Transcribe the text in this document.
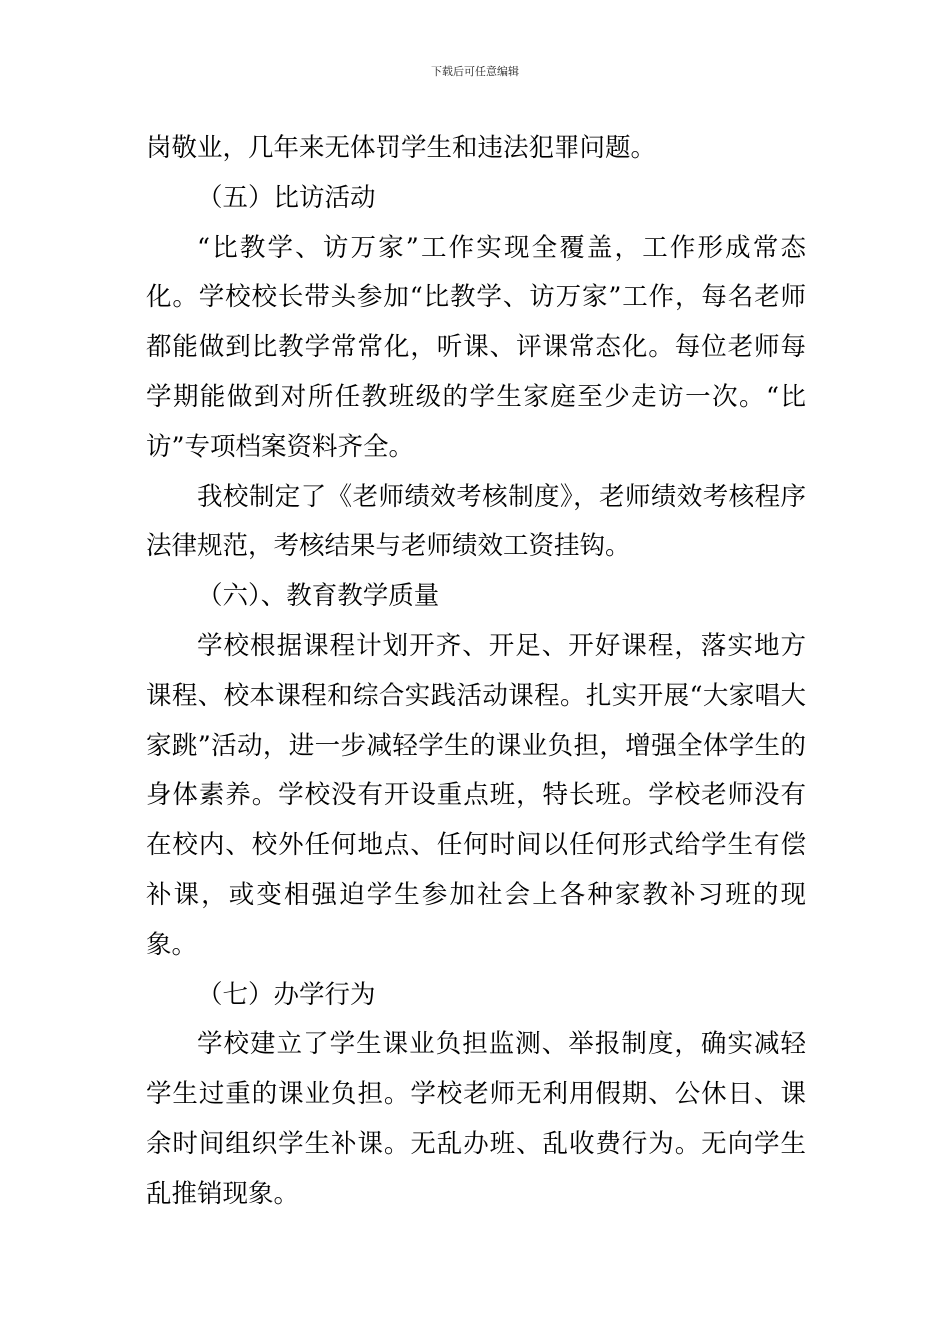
下载后可任意编辑

岗敬业，几年来无体罚学生和违法犯罪问题。

（五）比访活动

“比教学、访万家”工作实现全覆盖，工作形成常态化。学校校长带头参加“比教学、访万家”工作，每名老师都能做到比教学常常化，听课、评课常态化。每位老师每学期能做到对所任教班级的学生家庭至少走访一次。“比访”专项档案资料齐全。

我校制定了《老师绩效考核制度》，老师绩效考核程序法律规范，考核结果与老师绩效工资挂钩。

（六）、教育教学质量

学校根据课程计划开齐、开足、开好课程，落实地方课程、校本课程和综合实践活动课程。扎实开展“大家唱大家跳”活动，进一步减轻学生的课业负担，增强全体学生的身体素养。学校没有开设重点班，特长班。学校老师没有在校内、校外任何地点、任何时间以任何形式给学生有偿补课，或变相强迫学生参加社会上各种家教补习班的现象。

（七）办学行为

学校建立了学生课业负担监测、举报制度，确实减轻学生过重的课业负担。学校老师无利用假期、公休日、课余时间组织学生补课。无乱办班、乱收费行为。无向学生乱推销现象。
